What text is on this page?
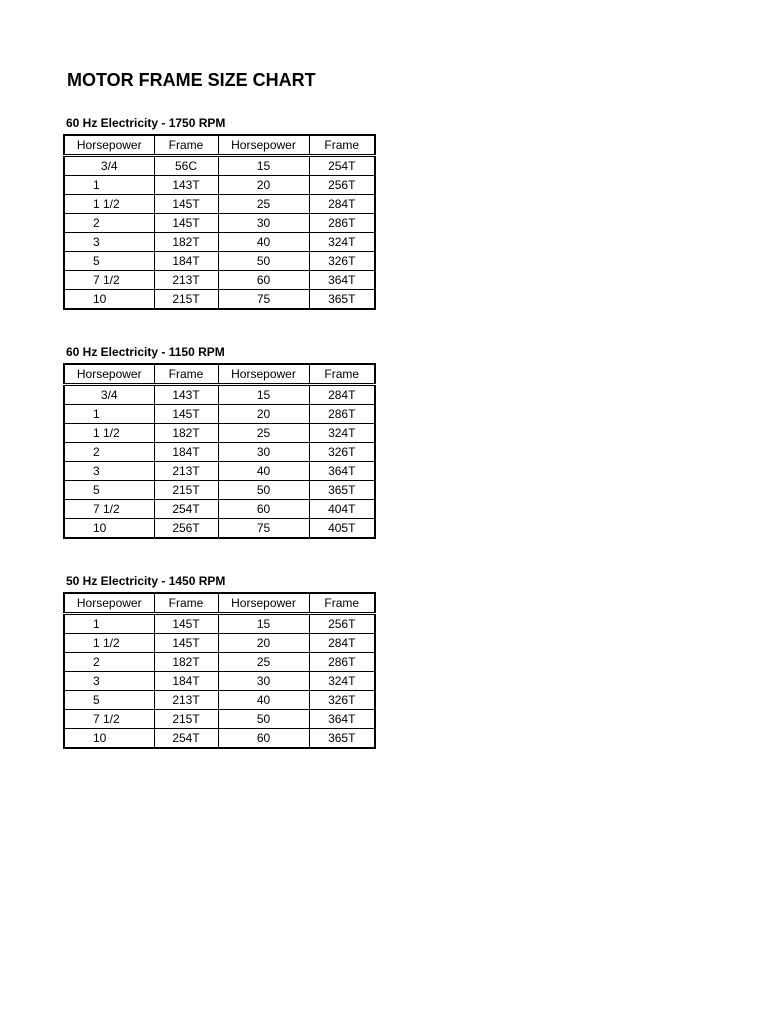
MOTOR FRAME SIZE CHART
60 Hz Electricity - 1750 RPM
Horsepower	Frame	Horsepower	Frame
3/4	56C	15	254T
1	143T	20	256T
1 1/2	145T	25	284T
2	145T	30	286T
3	182T	40	324T
5	184T	50	326T
7 1/2	213T	60	364T
10	215T	75	365T
60 Hz Electricity - 1150 RPM
Horsepower	Frame	Horsepower	Frame
3/4	143T	15	284T
1	145T	20	286T
1 1/2	182T	25	324T
2	184T	30	326T
3	213T	40	364T
5	215T	50	365T
7 1/2	254T	60	404T
10	256T	75	405T
50 Hz Electricity - 1450 RPM
Horsepower	Frame	Horsepower	Frame
1	145T	15	256T
1 1/2	145T	20	284T
2	182T	25	286T
3	184T	30	324T
5	213T	40	326T
7 1/2	215T	50	364T
10	254T	60	365T
